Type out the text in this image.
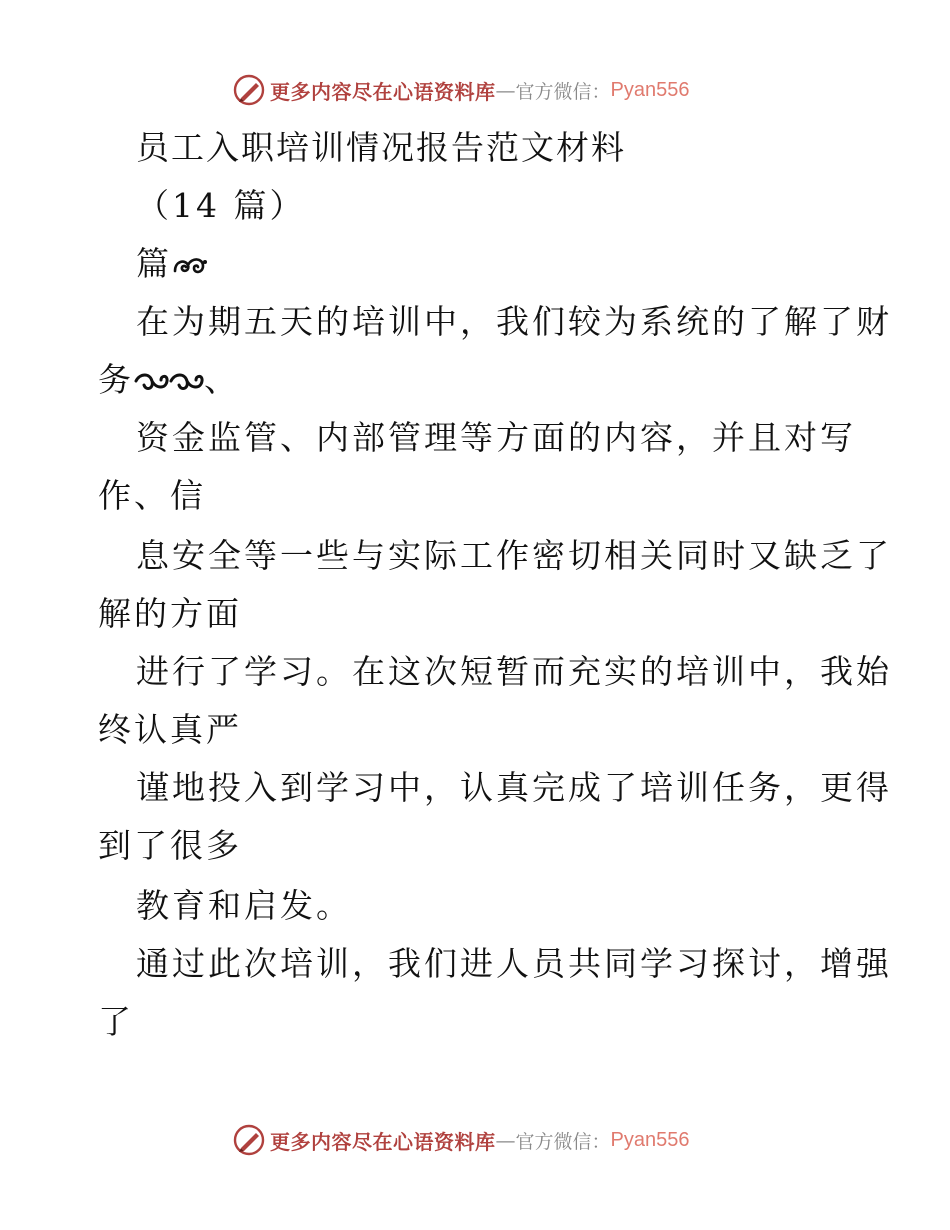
更多内容尽在心语资料库 — 官方微信： Pyan556
员工入职培训情况报告范文材料
（14 篇）
篇
在为期五天的培训中，我们较为系统的了解了财
务 、
资金监管、内部管理等方面的内容，并且对写
作、信
息安全等一些与实际工作密切相关同时又缺乏了
解的方面
进行了学习。在这次短暂而充实的培训中，我始
终认真严
谨地投入到学习中，认真完成了培训任务，更得
到了很多
教育和启发。
通过此次培训，我们进人员共同学习探讨，增强
了
更多内容尽在心语资料库 — 官方微信： Pyan556
